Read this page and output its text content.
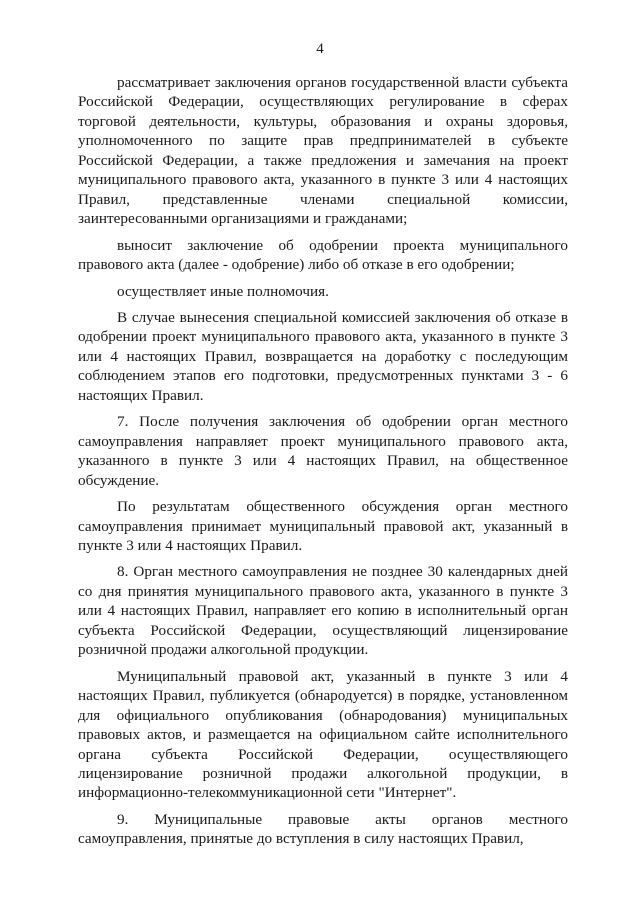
4

рассматривает заключения органов государственной власти субъекта Российской Федерации, осуществляющих регулирование в сферах торговой деятельности, культуры, образования и охраны здоровья, уполномоченного по защите прав предпринимателей в субъекте Российской Федерации, а также предложения и замечания на проект муниципального правового акта, указанного в пункте 3 или 4 настоящих Правил, представленные членами специальной комиссии, заинтересованными организациями и гражданами;

выносит заключение об одобрении проекта муниципального правового акта (далее - одобрение) либо об отказе в его одобрении;

осуществляет иные полномочия.

В случае вынесения специальной комиссией заключения об отказе в одобрении проект муниципального правового акта, указанного в пункте 3 или 4 настоящих Правил, возвращается на доработку с последующим соблюдением этапов его подготовки, предусмотренных пунктами 3 - 6 настоящих Правил.

7. После получения заключения об одобрении орган местного самоуправления направляет проект муниципального правового акта, указанного в пункте 3 или 4 настоящих Правил, на общественное обсуждение.

По результатам общественного обсуждения орган местного самоуправления принимает муниципальный правовой акт, указанный в пункте 3 или 4 настоящих Правил.

8. Орган местного самоуправления не позднее 30 календарных дней со дня принятия муниципального правового акта, указанного в пункте 3 или 4 настоящих Правил, направляет его копию в исполнительный орган субъекта Российской Федерации, осуществляющий лицензирование розничной продажи алкогольной продукции.

Муниципальный правовой акт, указанный в пункте 3 или 4 настоящих Правил, публикуется (обнародуется) в порядке, установленном для официального опубликования (обнародования) муниципальных правовых актов, и размещается на официальном сайте исполнительного органа субъекта Российской Федерации, осуществляющего лицензирование розничной продажи алкогольной продукции, в информационно-телекоммуникационной сети "Интернет".

9. Муниципальные правовые акты органов местного самоуправления, принятые до вступления в силу настоящих Правил,
